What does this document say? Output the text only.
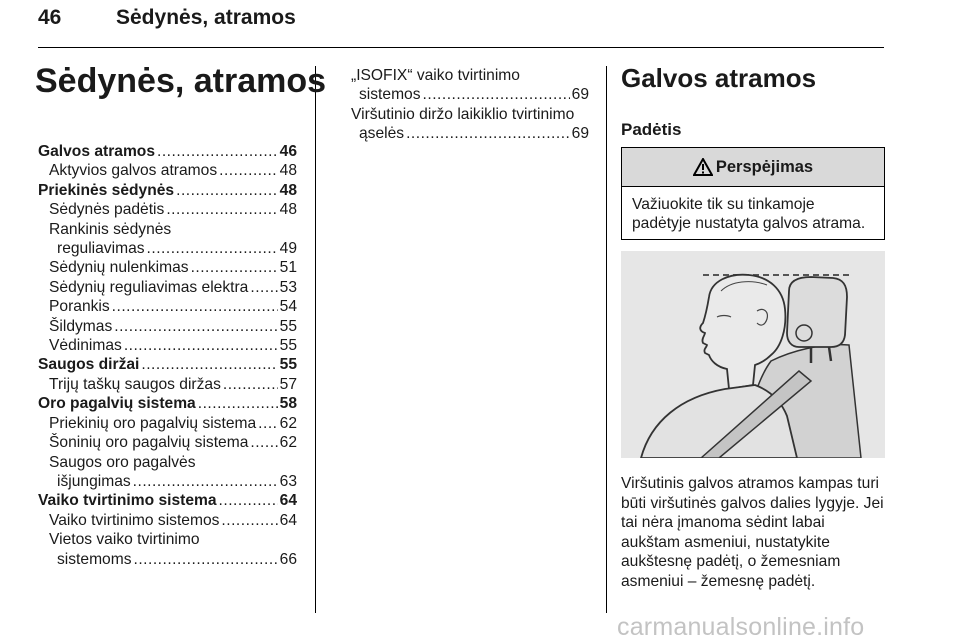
46	Sėdynės, atramos
Sėdynės, atramos
Galvos atramos .....	46
Aktyvios galvos atramos .....	48
Priekinės sėdynės .....	48
Sėdynės padėtis .....	48
Rankinis sėdynės
reguliavimas .....	49
Sėdynių nulenkimas .....	51
Sėdynių reguliavimas elektra ..... 53
Porankis .....	54
Šildymas .....	55
Vėdinimas .....	55
Saugos diržai .....	55
Trijų taškų saugos diržas .....	57
Oro pagalvių sistema .....	58
Priekinių oro pagalvių sistema ..... 62
Šoninių oro pagalvių sistema ..... 62
Saugos oro pagalvės
išjungimas .....	63
Vaiko tvirtinimo sistema .....	64
Vaiko tvirtinimo sistemos .....	64
Vietos vaiko tvirtinimo
sistemoms .....	66
„ISOFIX“ vaiko tvirtinimo
sistemos .....	69
Viršutinio diržo laikiklio tvirtinimo
ąselės .....	69
Galvos atramos
Padėtis
Perspėjimas
Važiuokite tik su tinkamoje padėtyje nustatyta galvos atrama.
Viršutinis galvos atramos kampas turi būti viršutinės galvos dalies lygyje. Jei tai nėra įmanoma sėdint labai aukštam asmeniui, nustatykite aukštesnę padėtį, o žemesniam asmeniui – žemesnę padėtį.
carmanualsonline.info
